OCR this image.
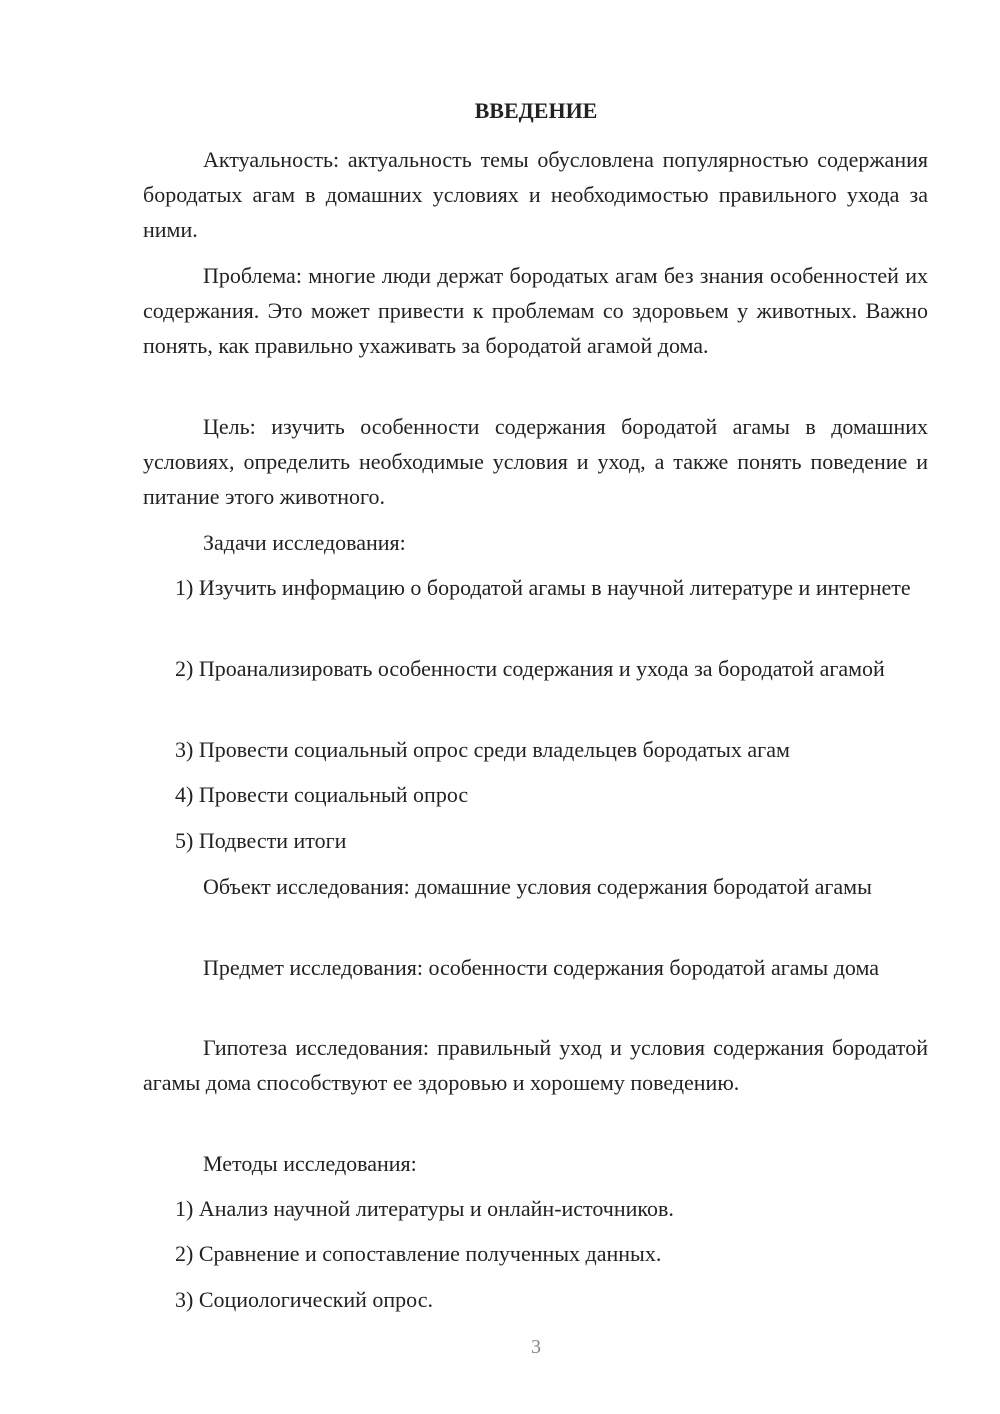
ВВЕДЕНИЕ
Актуальность: актуальность темы обусловлена популярностью содержания бородатых агам в домашних условиях и необходимостью правильного ухода за ними.
Проблема: многие люди держат бородатых агам без знания особенностей их содержания. Это может привести к проблемам со здоровьем у животных. Важно понять, как правильно ухаживать за бородатой агамой дома.
Цель: изучить особенности содержания бородатой агамы в домашних условиях, определить необходимые условия и уход, а также понять поведение и питание этого животного.
Задачи исследования:
1) Изучить информацию о бородатой агамы в научной литературе и интернете
2) Проанализировать особенности содержания и ухода за бородатой агамой
3) Провести социальный опрос среди владельцев бородатых агам
4) Провести социальный опрос
5) Подвести итоги
Объект исследования: домашние условия содержания бородатой агамы
Предмет исследования: особенности содержания бородатой агамы дома
Гипотеза исследования: правильный уход и условия содержания бородатой агамы дома способствуют ее здоровью и хорошему поведению.
Методы исследования:
1) Анализ научной литературы и онлайн-источников.
2) Сравнение и сопоставление полученных данных.
3) Социологический опрос.
3
